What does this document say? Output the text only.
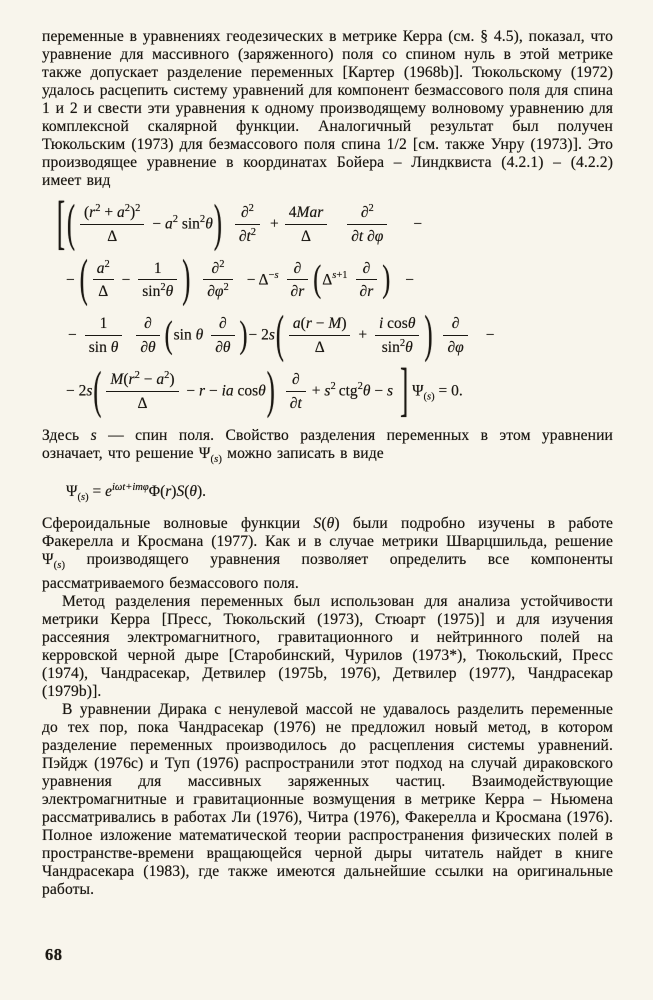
переменные в уравнениях геодезических в метрике Керра (см. § 4.5), показал, что уравнение для массивного (заряженного) поля со спином нуль в этой метрике также допускает разделение переменных [Картер (1968b)]. Тюкольскому (1972) удалось расцепить систему уравнений для компонент безмассового поля для спина 1 и 2 и свести эти уравнения к одному производящему волновому уравнению для комплексной скалярной функции. Аналогичный результат был получен Тюкольским (1973) для безмассового поля спина 1/2 [см. также Унру (1973)]. Это производящее уравнение в координатах Бойера – Линдквиста (4.2.1) – (4.2.2) имеет вид

[( $\frac{(r^2 + a^2)^2}{\Delta} - a^2$ $\sin^2\theta) \frac{\partial^2}{\partial t^2} + \frac{\text{4Mar}}{\Delta} \frac{\partial^2}{\partial t \partial\varphi}$ −
− ( $\frac{a^2}{\Delta} - \frac{1}{\sin^2\theta}$ ) $\frac{\partial^2}{\partial\varphi^2} - \Delta^{-s} \frac{\partial}{\partial r} (\Delta^{s+1} \frac{\partial}{\partial r}$ ) −
− $\frac{1}{\text{sin θ}} \frac{\partial}{\partial\theta} (\sin$ θ $\frac{\partial}{\partial\theta}$ )− $2s( \frac{a(r - M)}{\Delta} + \frac{\text{i cosθ}}{\sin^2\theta}$ ) $\frac{\partial}{\partial\varphi}$ −
− $2s( \frac{M(r^2 - a^2)}{\Delta} - r$ − ia $\cos\theta) \frac{\partial}{\partial t} + s^2$ ctg$^2$θ − s ] $\Psi_{(s)} = 0$.

Здесь s — спин поля. Свойство разделения переменных в этом уравнении означает, что решение $\Psi_{(s)}$ можно записать в виде

$\Psi_{(s)} = e^{i\omega t+im\varphi}\Phi(r)S(\theta)$.

Сфероидальные волновые функции S(θ) были подробно изучены в работе Факерелла и Кросмана (1977). Как и в случае метрики Шварцшильда, решение $\Psi_{(s)}$ производящего уравнения позволяет определить все компоненты рассматриваемого безмассового поля.

Метод разделения переменных был использован для анализа устойчивости метрики Керра [Пресс, Тюкольский (1973), Стюарт (1975)] и для изучения рассеяния электромагнитного, гравитационного и нейтринного полей на керровской черной дыре [Старобинский, Чурилов (1973*), Тюкольский, Пресс (1974), Чандрасекар, Детвилер (1975b, 1976), Детвилер (1977), Чандрасекар (1979b)].

В уравнении Дирака с ненулевой массой не удавалось разделить переменные до тех пор, пока Чандрасекар (1976) не предложил новый метод, в котором разделение переменных производилось до расцепления системы уравнений. Пэйдж (1976c) и Туп (1976) распространили этот подход на случай дираковского уравнения для массивных заряженных частиц. Взаимодействующие электромагнитные и гравитационные возмущения в метрике Керра – Ньюмена рассматривались в работах Ли (1976), Читра (1976), Факерелла и Кросмана (1976). Полное изложение математической теории распространения физических полей в пространстве-времени вращающейся черной дыры читатель найдет в книге Чандрасекара (1983), где также имеются дальнейшие ссылки на оригинальные работы.

68
